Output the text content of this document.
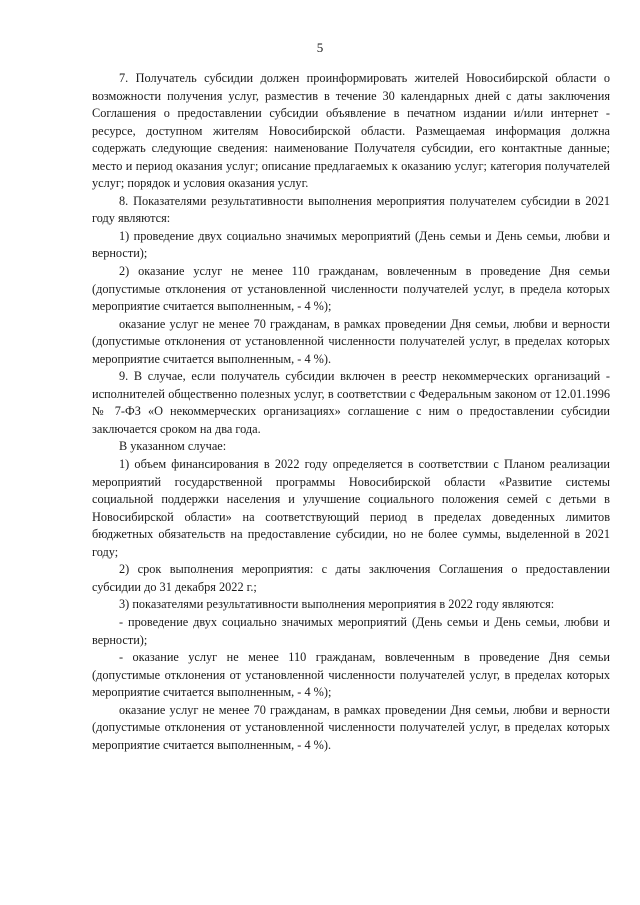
5

7. Получатель субсидии должен проинформировать жителей Новосибирской области о возможности получения услуг, разместив в течение 30 календарных дней с даты заключения Соглашения о предоставлении субсидии объявление в печатном издании и/или интернет - ресурсе, доступном жителям Новосибирской области. Размещаемая информация должна содержать следующие сведения: наименование Получателя субсидии, его контактные данные; место и период оказания услуг; описание предлагаемых к оказанию услуг; категория получателей услуг; порядок и условия оказания услуг.

8. Показателями результативности выполнения мероприятия получателем субсидии в 2021 году являются:

1) проведение двух социально значимых мероприятий (День семьи и День семьи, любви и верности);

2) оказание услуг не менее 110 гражданам, вовлеченным в проведение Дня семьи (допустимые отклонения от установленной численности получателей услуг, в предела которых мероприятие считается выполненным, - 4 %);

оказание услуг не менее 70 гражданам, в рамках проведении Дня семьи, любви и верности (допустимые отклонения от установленной численности получателей услуг, в пределах которых мероприятие считается выполненным, - 4 %).

9. В случае, если получатель субсидии включен в реестр некоммерческих организаций - исполнителей общественно полезных услуг, в соответствии с Федеральным законом от 12.01.1996 № 7-ФЗ «О некоммерческих организациях» соглашение с ним о предоставлении субсидии заключается сроком на два года.

В указанном случае:

1) объем финансирования в 2022 году определяется в соответствии с Планом реализации мероприятий государственной программы Новосибирской области «Развитие системы социальной поддержки населения и улучшение социального положения семей с детьми в Новосибирской области» на соответствующий период в пределах доведенных лимитов бюджетных обязательств на предоставление субсидии, но не более суммы, выделенной в 2021 году;

2) срок выполнения мероприятия: с даты заключения Соглашения о предоставлении субсидии до 31 декабря 2022 г.;

3) показателями результативности выполнения мероприятия в 2022 году являются:

- проведение двух социально значимых мероприятий (День семьи и День семьи, любви и верности);

- оказание услуг не менее 110 гражданам, вовлеченным в проведение Дня семьи (допустимые отклонения от установленной численности получателей услуг, в пределах которых мероприятие считается выполненным, - 4 %);

оказание услуг не менее 70 гражданам, в рамках проведении Дня семьи, любви и верности (допустимые отклонения от установленной численности получателей услуг, в пределах которых мероприятие считается выполненным, - 4 %).
